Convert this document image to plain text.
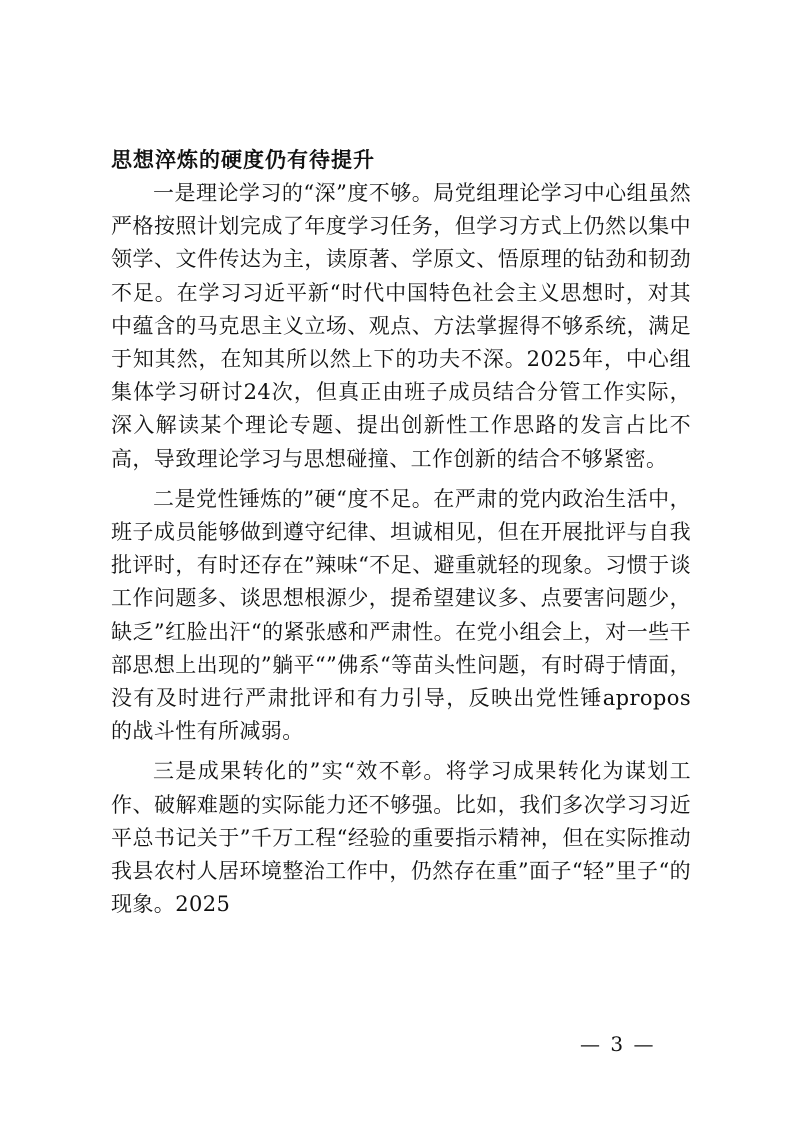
思想淬炼的硬度仍有待提升

一是理论学习的“深”度不够。局党组理论学习中心组虽然严格按照计划完成了年度学习任务，但学习方式上仍然以集中领学、文件传达为主，读原著、学原文、悟原理的钻劲和韧劲不足。在学习习近平新“时代中国特色社会主义思想时，对其中蕴含的马克思主义立场、观点、方法掌握得不够系统，满足于知其然，在知其所以然上下的功夫不深。2025年，中心组集体学习研讨24次，但真正由班子成员结合分管工作实际，深入解读某个理论专题、提出创新性工作思路的发言占比不高，导致理论学习与思想碰撞、工作创新的结合不够紧密。

二是党性锤炼的”硬“度不足。在严肃的党内政治生活中，班子成员能够做到遵守纪律、坦诚相见，但在开展批评与自我批评时，有时还存在”辣味“不足、避重就轻的现象。习惯于谈工作问题多、谈思想根源少，提希望建议多、点要害问题少，缺乏”红脸出汗“的紧张感和严肃性。在党小组会上，对一些干部思想上出现的”躺平“”佛系“等苗头性问题，有时碍于情面，没有及时进行严肃批评和有力引导，反映出党性锤apropos的战斗性有所减弱。

三是成果转化的”实“效不彰。将学习成果转化为谋划工作、破解难题的实际能力还不够强。比如，我们多次学习习近平总书记关于”千万工程“经验的重要指示精神，但在实际推动我县农村人居环境整治工作中，仍然存在重”面子“轻”里子“的现象。2025

— 3 —
